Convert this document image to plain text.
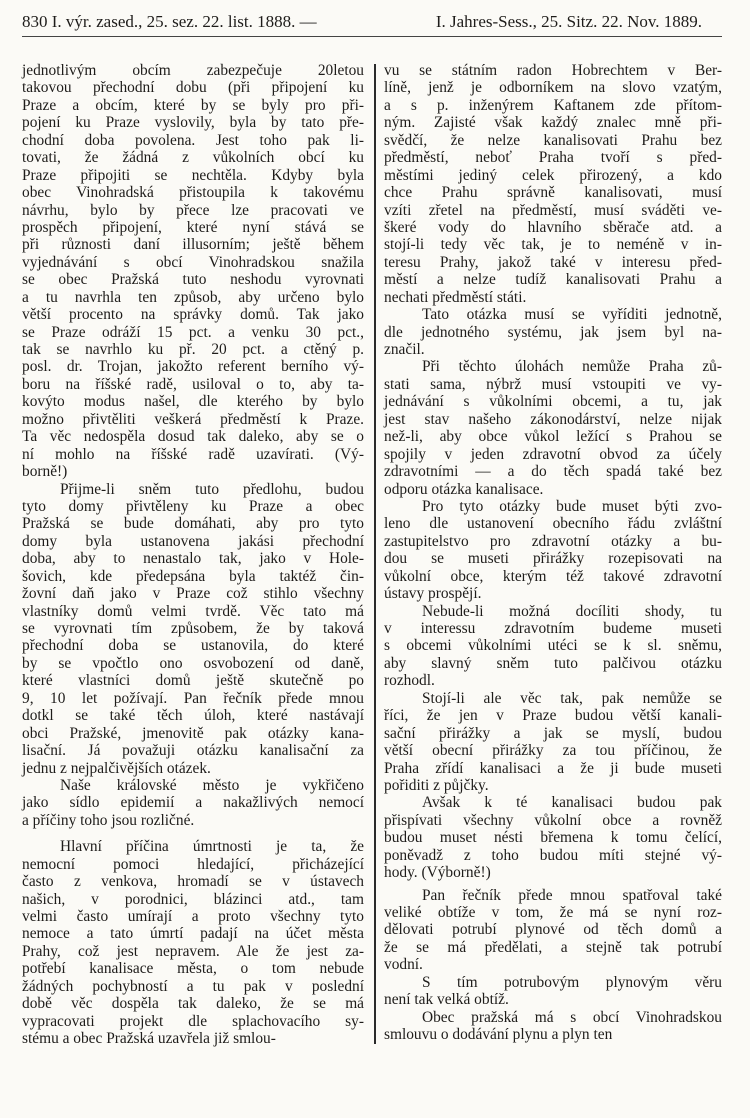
830 I. výr. zased., 25. sez. 22. list. 1888. —	I. Jahres-Sess., 25. Sitz. 22. Nov. 1889.
jednotlivým obcím zabezpečuje 20letou
takovou přechodní dobu (při připojení ku
Praze a obcím, které by se byly pro při-
pojení ku Praze vyslovily, byla by tato pře-
chodní doba povolena. Jest toho pak li-
tovati, že žádná z vůkolních obcí ku
Praze připojiti se nechtěla. Kdyby byla
obec Vinohradská přistoupila k takovému
návrhu, bylo by přece lze pracovati ve
prospěch připojení, které nyní stává se
při různosti daní illusorním; ještě během
vyjednávání s obcí Vinohradskou snažila
se obec Pražská tuto neshodu vyrovnati
a tu navrhla ten způsob, aby určeno bylo
větší procento na správky domů. Tak jako
se Praze odráží 15 pct. a venku 30 pct.,
tak se navrhlo ku př. 20 pct. a ctěný p.
posl. dr. Trojan, jakožto referent berního vý-
boru na říšské radě, usiloval o to, aby ta-
kovýto modus našel, dle kterého by bylo
možno přivtěliti veškerá předměstí k Praze.
Ta věc nedospěla dosud tak daleko, aby se o
ní mohlo na říšské radě uzavírati. (Vý-
borně!)
Přijme-li sněm tuto předlohu, budou
tyto domy přivtěleny ku Praze a obec
Pražská se bude domáhati, aby pro tyto
domy byla ustanovena jakási přechodní
doba, aby to nenastalo tak, jako v Hole-
šovich, kde předepsána byla taktéž čin-
žovní daň jako v Praze což stihlo všechny
vlastníky domů velmi tvrdě. Věc tato má
se vyrovnati tím způsobem, že by taková
přechodní doba se ustanovila, do které
by se vpočtlo ono osvobození od daně,
které vlastníci domů ještě skutečně po
9, 10 let požívají. Pan řečník přede mnou
dotkl se také těch úloh, které nastávají
obci Pražské, jmenovitě pak otázky kana-
lisační. Já považuji otázku kanalisační za
jednu z nejpalčivějších otázek.
Naše královské město je vykřičeno
jako sídlo epidemií a nakažlivých nemocí
a příčiny toho jsou rozličné.
Hlavní příčina úmrtnosti je ta, že
nemocní pomoci hledající, přicházející
často z venkova, hromadí se v ústavech
našich, v porodnici, blázinci atd., tam
velmi často umírají a proto všechny tyto
nemoce a tato úmrtí padají na účet města
Prahy, což jest nepravem. Ale že jest za-
potřebí kanalisace města, o tom nebude
žádných pochybností a tu pak v poslední
době věc dospěla tak daleko, že se má
vypracovati projekt dle splachovacího sy-
stému a obec Pražská uzavřela již smlou-
vu se státním radon Hobrechtem v Ber-
líně, jenž je odborníkem na slovo vzatým,
a s p. inženýrem Kaftanem zde přítom-
ným. Zajisté však každý znalec mně při-
svědčí, že nelze kanalisovati Prahu bez
předměstí, neboť Praha tvoří s před-
městími jediný celek přirozený, a kdo
chce Prahu správně kanalisovati, musí
vzíti zřetel na předměstí, musí sváděti ve-
škeré vody do hlavního sběrače atd. a
stojí-li tedy věc tak, je to neméně v in-
teresu Prahy, jakož také v interesu před-
městí a nelze tudíž kanalisovati Prahu a
nechati předměstí státi.
Tato otázka musí se vyříditi jednotně,
dle jednotného systému, jak jsem byl na-
značil.
Při těchto úlohách nemůže Praha zů-
stati sama, nýbrž musí vstoupiti ve vy-
jednávání s vůkolními obcemi, a tu, jak
jest stav našeho zákonodárství, nelze nijak
než-li, aby obce vůkol ležící s Prahou se
spojily v jeden zdravotní obvod za účely
zdravotními — a do těch spadá také bez
odporu otázka kanalisace.
Pro tyto otázky bude muset býti zvo-
leno dle ustanovení obecního řádu zvláštní
zastupitelstvo pro zdravotní otázky a bu-
dou se museti přirážky rozepisovati na
vůkolní obce, kterým též takové zdravotní
ústavy prospějí.
Nebude-li možná docíliti shody, tu
v interessu zdravotním budeme museti
s obcemi vůkolními utéci se k sl. sněmu,
aby slavný sněm tuto palčivou otázku
rozhodl.
Stojí-li ale věc tak, pak nemůže se
říci, že jen v Praze budou větší kanali-
sační přirážky a jak se myslí, budou
větší obecní přirážky za tou příčinou, že
Praha zřídí kanalisaci a že ji bude museti
pořiditi z půjčky.
Avšak k té kanalisaci budou pak
přispívati všechny vůkolní obce a rovněž
budou muset nésti břemena k tomu čelící,
poněvadž z toho budou míti stejné vý-
hody. (Výborně!)
Pan řečník přede mnou spatřoval také
veliké obtíže v tom, že má se nyní roz-
dělovati potrubí plynové od těch domů a
že se má předělati, a stejně tak potrubí
vodní.
S tím potrubovým plynovým věru
není tak velká obtíž.
Obec pražská má s obcí Vinohradskou
smlouvu o dodávání plynu a plyn ten
